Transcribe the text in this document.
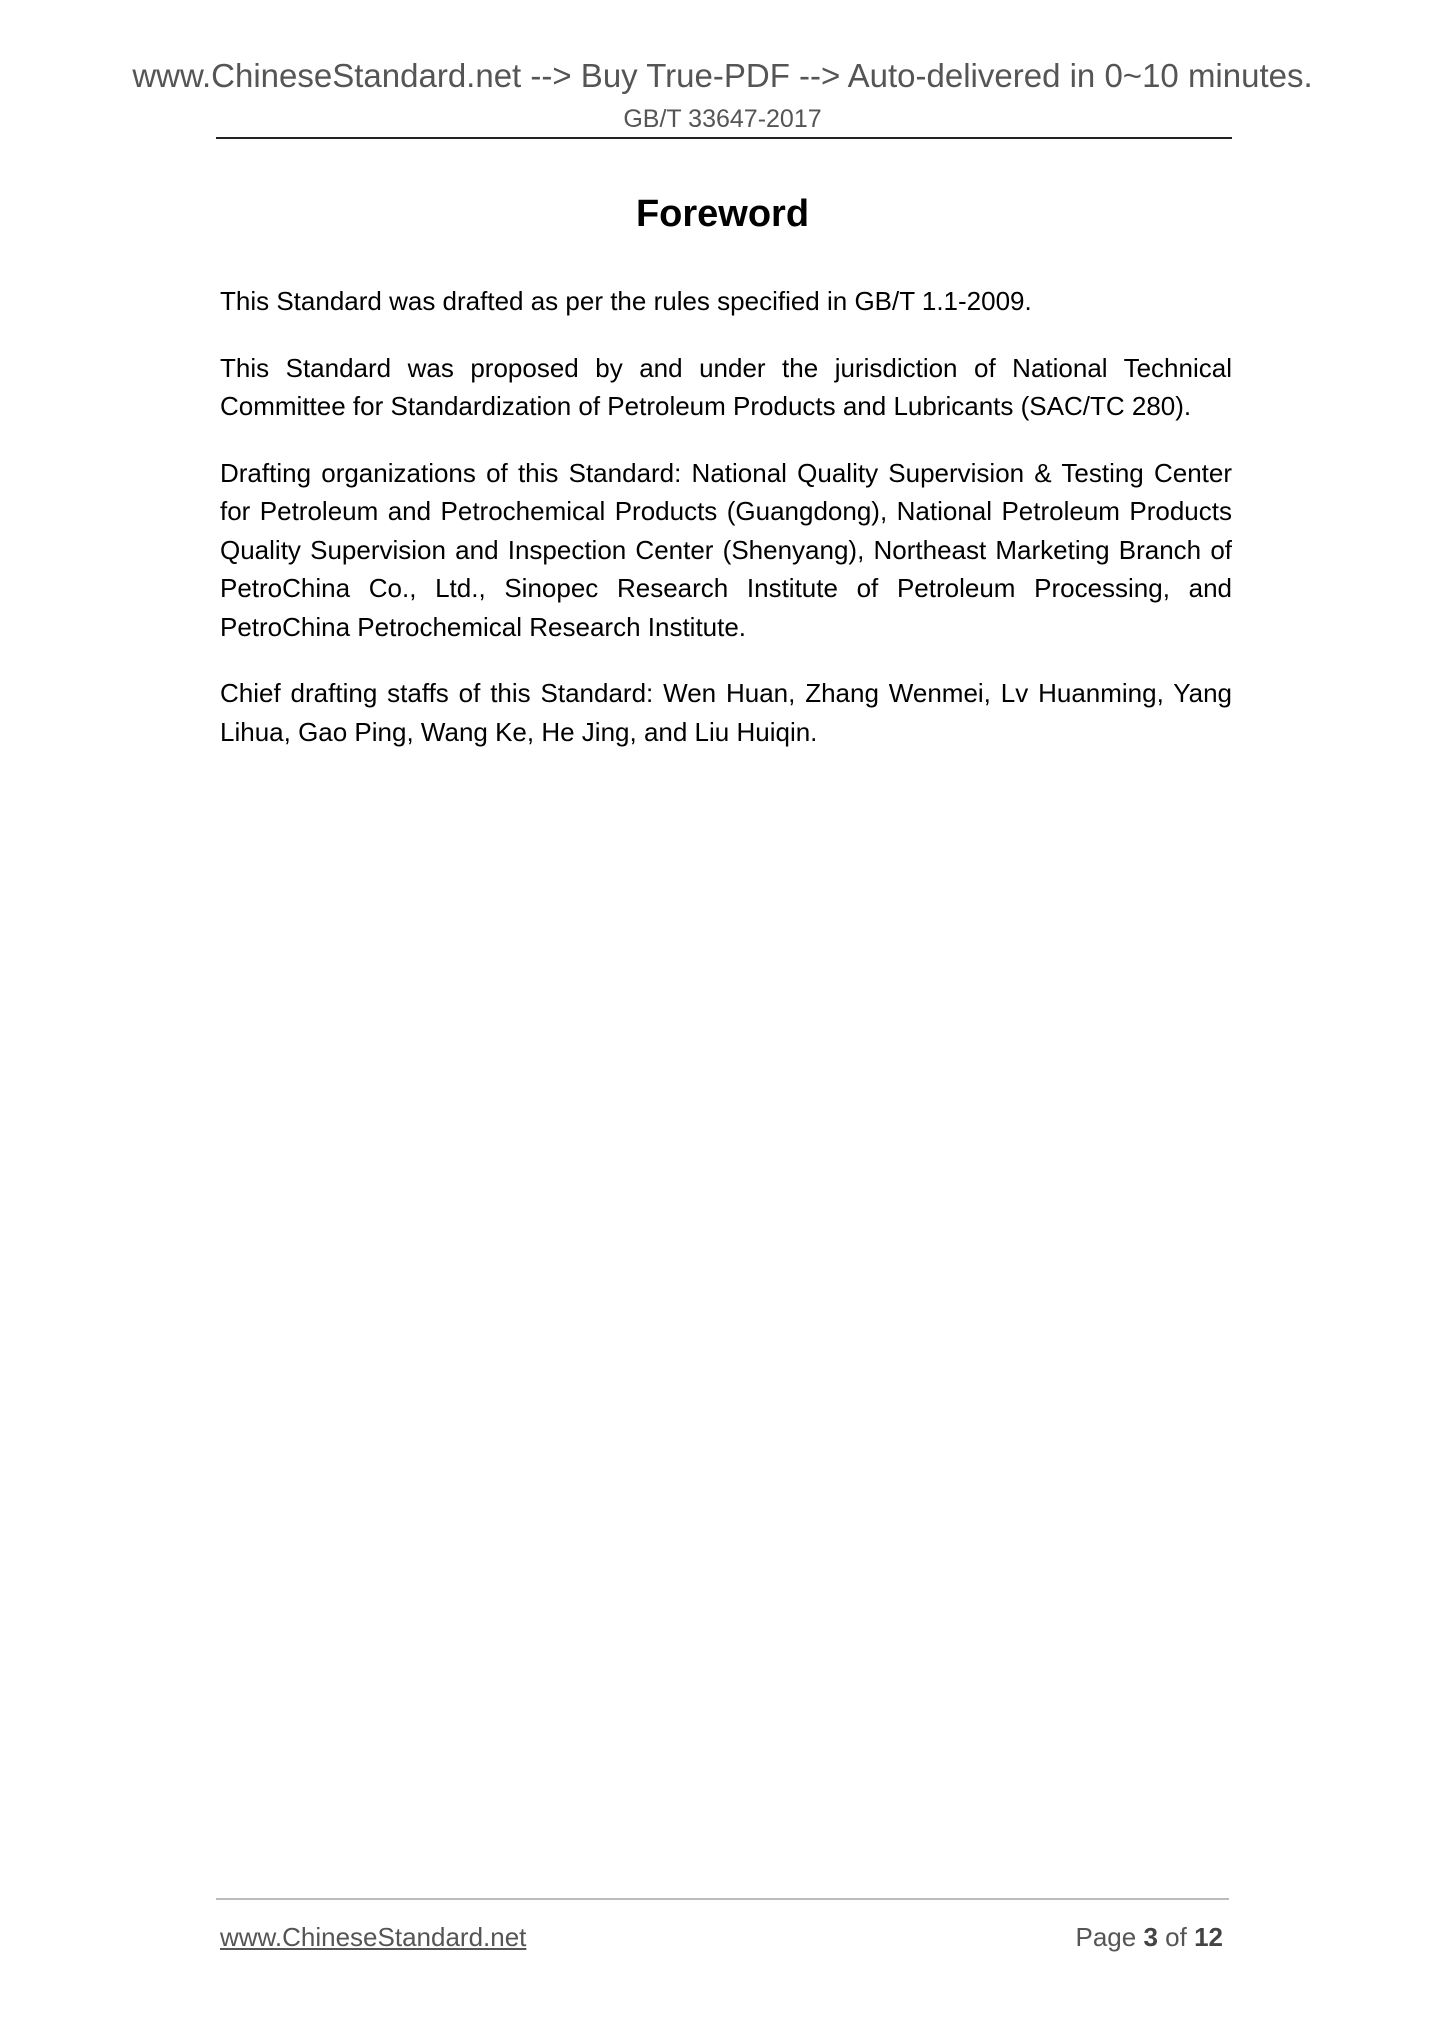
www.ChineseStandard.net --> Buy True-PDF --> Auto-delivered in 0~10 minutes.
GB/T 33647-2017
Foreword

This Standard was drafted as per the rules specified in GB/T 1.1-2009.

This Standard was proposed by and under the jurisdiction of National Technical Committee for Standardization of Petroleum Products and Lubricants (SAC/TC 280).

Drafting organizations of this Standard: National Quality Supervision & Testing Center for Petroleum and Petrochemical Products (Guangdong), National Petroleum Products Quality Supervision and Inspection Center (Shenyang), Northeast Marketing Branch of PetroChina Co., Ltd., Sinopec Research Institute of Petroleum Processing, and PetroChina Petrochemical Research Institute.

Chief drafting staffs of this Standard: Wen Huan, Zhang Wenmei, Lv Huanming, Yang Lihua, Gao Ping, Wang Ke, He Jing, and Liu Huiqin.

www.ChineseStandard.net	Page 3 of 12
